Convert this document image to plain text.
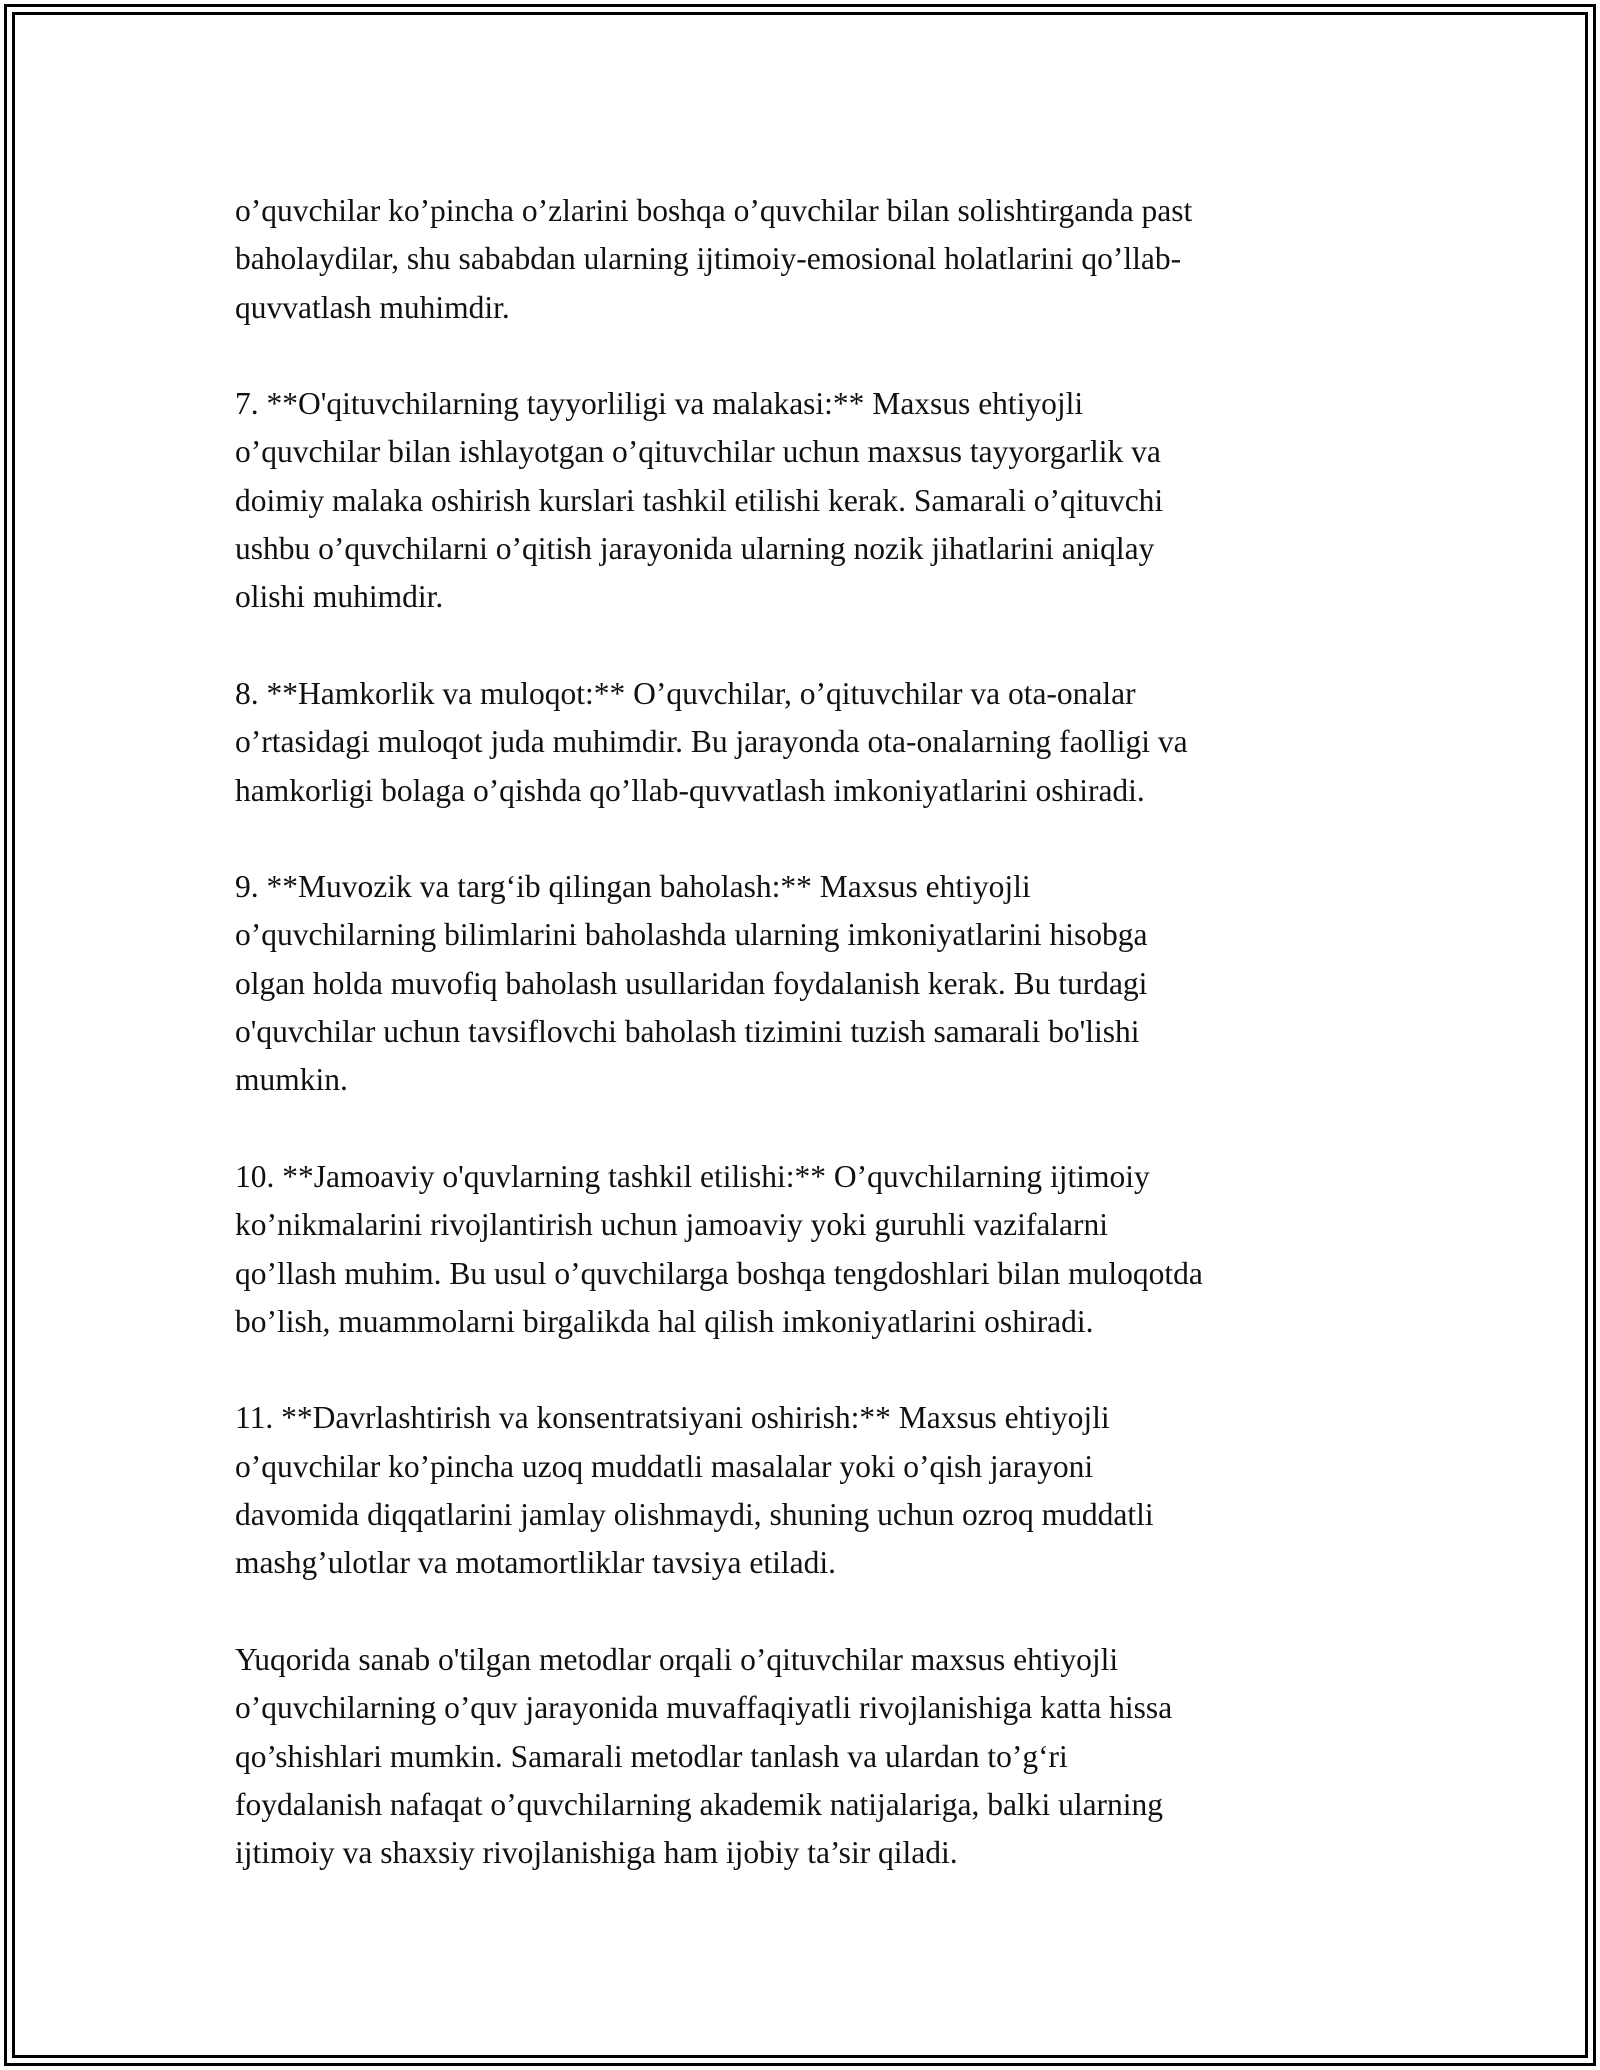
o’quvchilar ko’pincha o’zlarini boshqa o’quvchilar bilan solishtirganda past
baholaydilar, shu sababdan ularning ijtimoiy-emosional holatlarini qo’llab-
quvvatlash muhimdir.

7. **O'qituvchilarning tayyorliligi va malakasi:** Maxsus ehtiyojli
o’quvchilar bilan ishlayotgan o’qituvchilar uchun maxsus tayyorgarlik va
doimiy malaka oshirish kurslari tashkil etilishi kerak. Samarali o’qituvchi
ushbu o’quvchilarni o’qitish jarayonida ularning nozik jihatlarini aniqlay
olishi muhimdir.

8. **Hamkorlik va muloqot:** O’quvchilar, o’qituvchilar va ota-onalar
o’rtasidagi muloqot juda muhimdir. Bu jarayonda ota-onalarning faolligi va
hamkorligi bolaga o’qishda qo’llab-quvvatlash imkoniyatlarini oshiradi.

9. **Muvozik va targ‘ib qilingan baholash:** Maxsus ehtiyojli
o’quvchilarning bilimlarini baholashda ularning imkoniyatlarini hisobga
olgan holda muvofiq baholash usullaridan foydalanish kerak. Bu turdagi
o'quvchilar uchun tavsiflovchi baholash tizimini tuzish samarali bo'lishi
mumkin.

10. **Jamoaviy o'quvlarning tashkil etilishi:** O’quvchilarning ijtimoiy
ko’nikmalarini rivojlantirish uchun jamoaviy yoki guruhli vazifalarni
qo’llash muhim. Bu usul o’quvchilarga boshqa tengdoshlari bilan muloqotda
bo’lish, muammolarni birgalikda hal qilish imkoniyatlarini oshiradi.

11. **Davrlashtirish va konsentratsiyani oshirish:** Maxsus ehtiyojli
o’quvchilar ko’pincha uzoq muddatli masalalar yoki o’qish jarayoni
davomida diqqatlarini jamlay olishmaydi, shuning uchun ozroq muddatli
mashg’ulotlar va motamortliklar tavsiya etiladi.

Yuqorida sanab o'tilgan metodlar orqali o’qituvchilar maxsus ehtiyojli
o’quvchilarning o’quv jarayonida muvaffaqiyatli rivojlanishiga katta hissa
qo’shishlari mumkin. Samarali metodlar tanlash va ulardan to’g‘ri
foydalanish nafaqat o’quvchilarning akademik natijalariga, balki ularning
ijtimoiy va shaxsiy rivojlanishiga ham ijobiy ta’sir qiladi.
